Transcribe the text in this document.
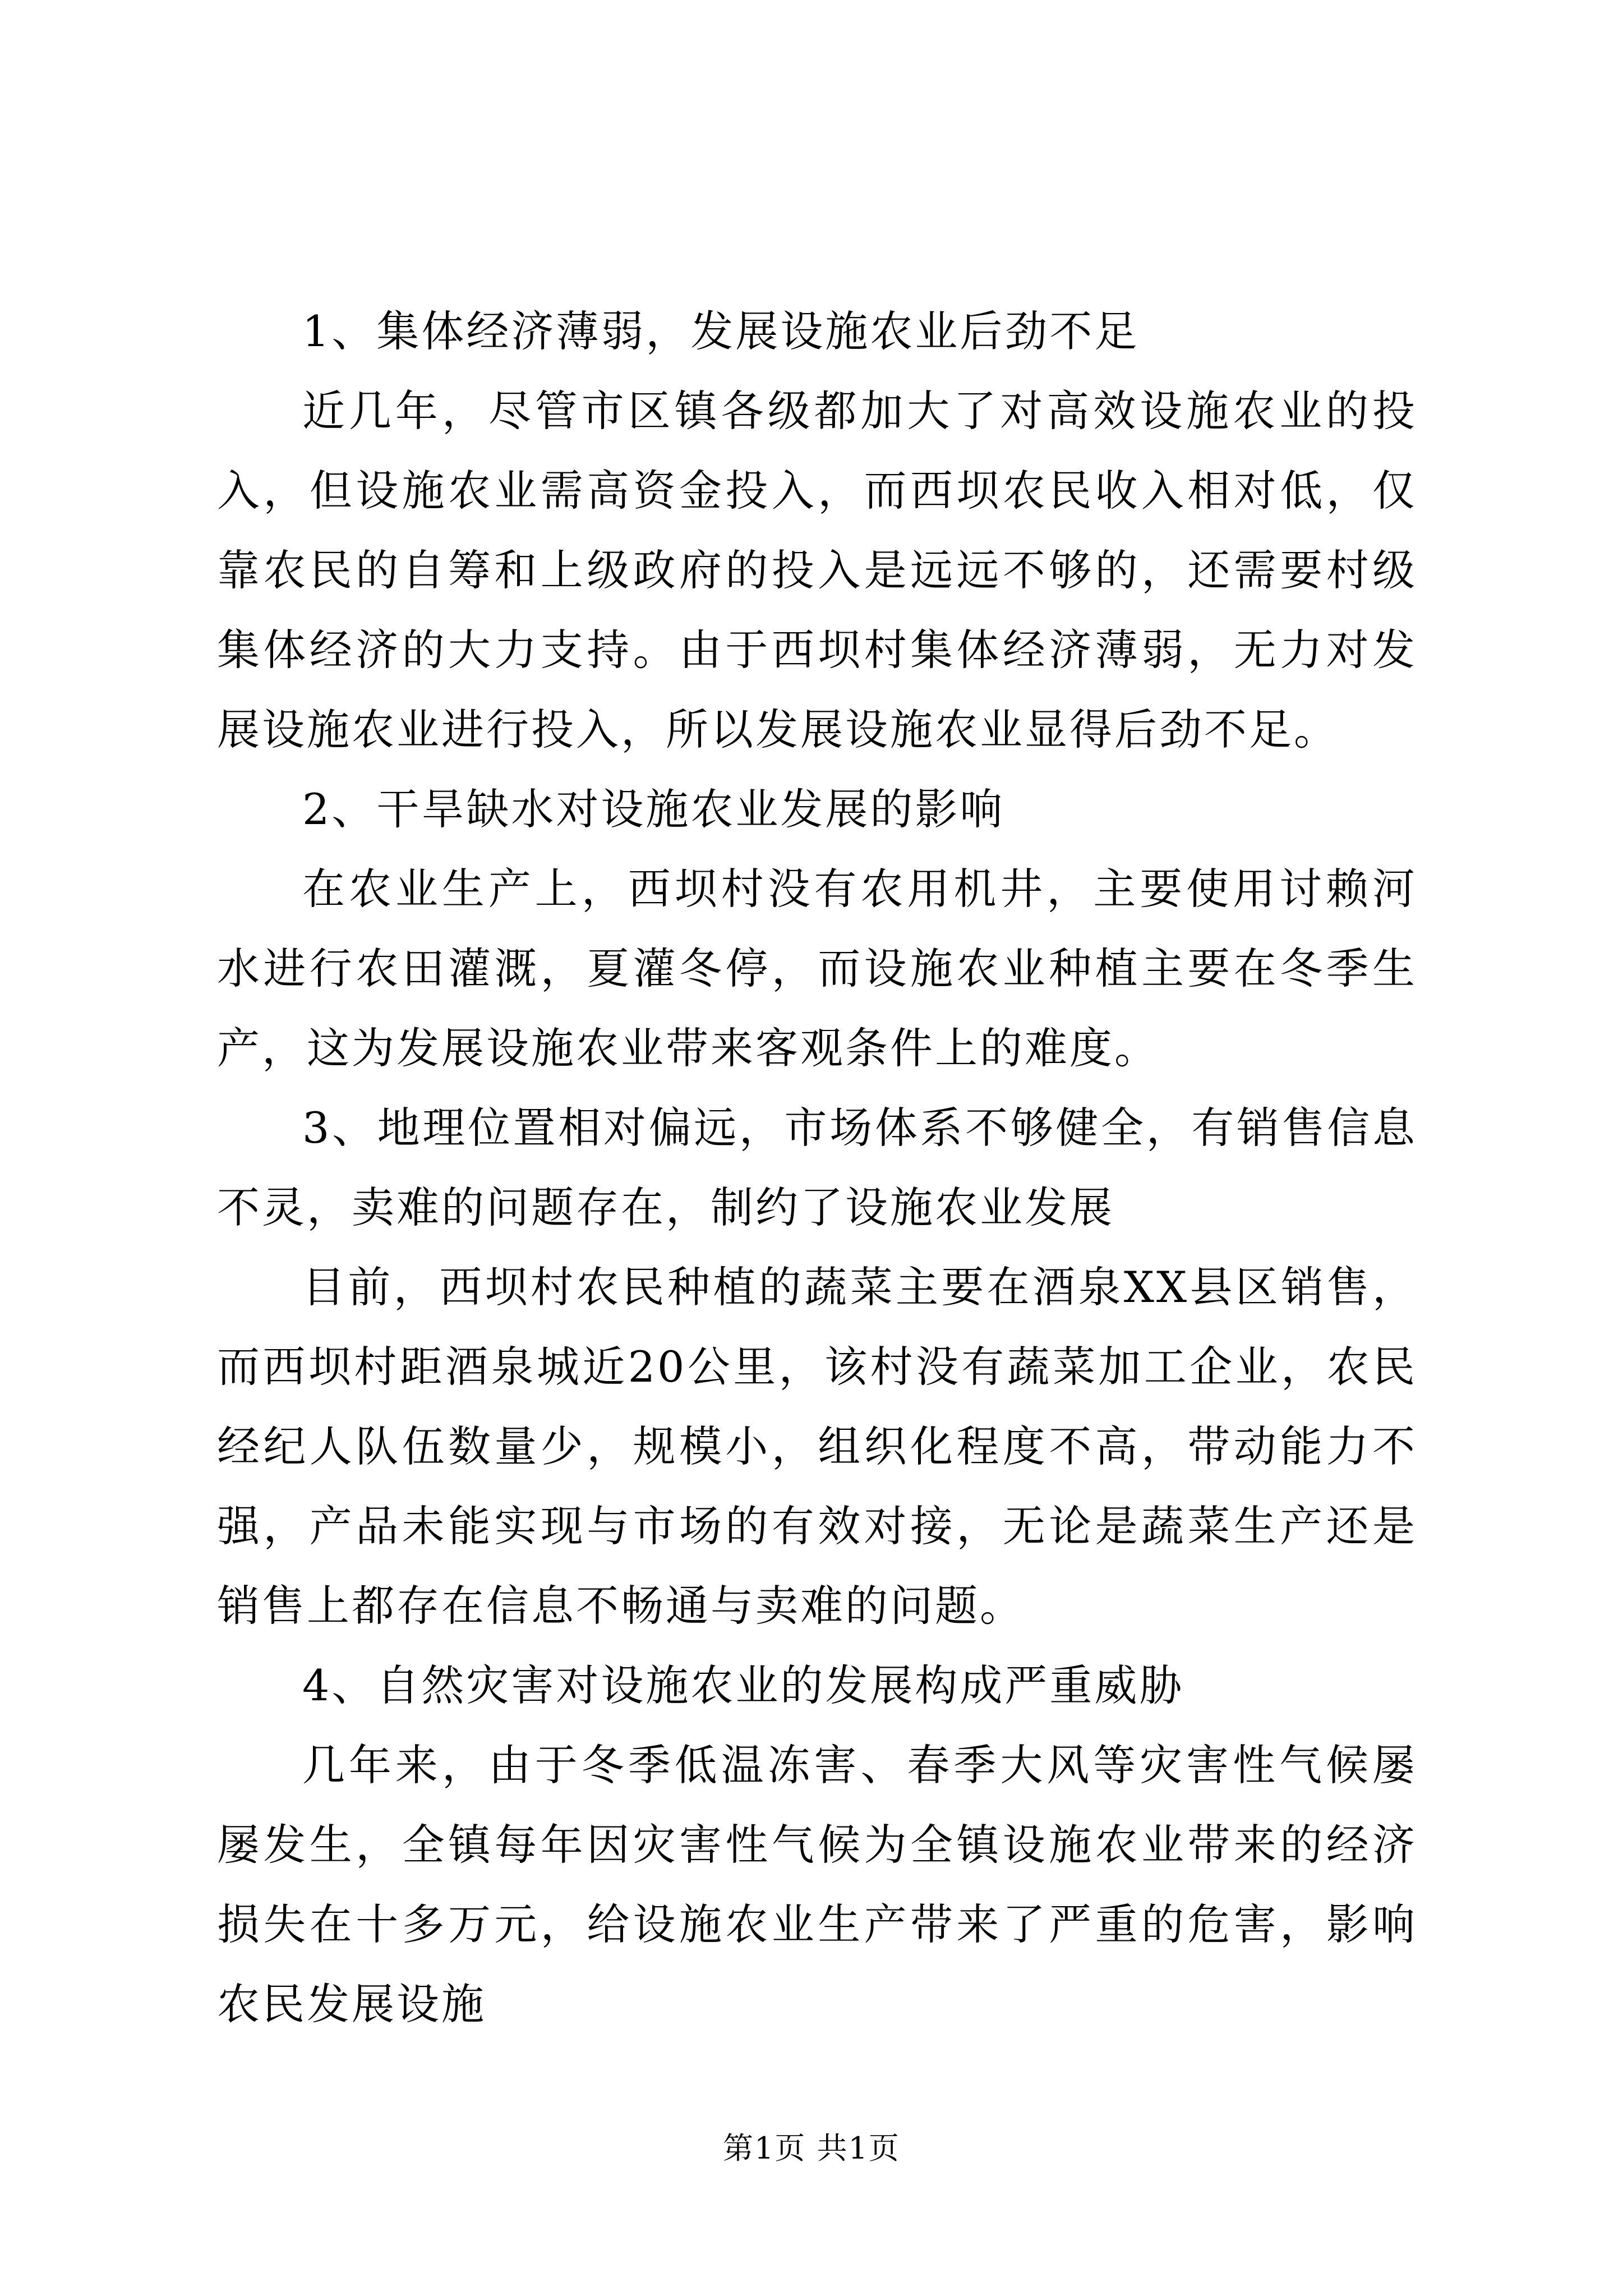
1、集体经济薄弱，发展设施农业后劲不足

近几年，尽管市区镇各级都加大了对高效设施农业的投入，但设施农业需高资金投入，而西坝农民收入相对低，仅靠农民的自筹和上级政府的投入是远远不够的，还需要村级集体经济的大力支持。由于西坝村集体经济薄弱，无力对发展设施农业进行投入，所以发展设施农业显得后劲不足。

2、干旱缺水对设施农业发展的影响

在农业生产上，西坝村没有农用机井，主要使用讨赖河水进行农田灌溉，夏灌冬停，而设施农业种植主要在冬季生产，这为发展设施农业带来客观条件上的难度。

3、地理位置相对偏远，市场体系不够健全，有销售信息不灵，卖难的问题存在，制约了设施农业发展

目前，西坝村农民种植的蔬菜主要在酒泉XX县区销售，而西坝村距酒泉城近20公里，该村没有蔬菜加工企业，农民经纪人队伍数量少，规模小，组织化程度不高，带动能力不强，产品未能实现与市场的有效对接，无论是蔬菜生产还是销售上都存在信息不畅通与卖难的问题。

4、自然灾害对设施农业的发展构成严重威胁

几年来，由于冬季低温冻害、春季大风等灾害性气候屡屡发生，全镇每年因灾害性气候为全镇设施农业带来的经济损失在十多万元，给设施农业生产带来了严重的危害，影响农民发展设施

第1页 共1页
